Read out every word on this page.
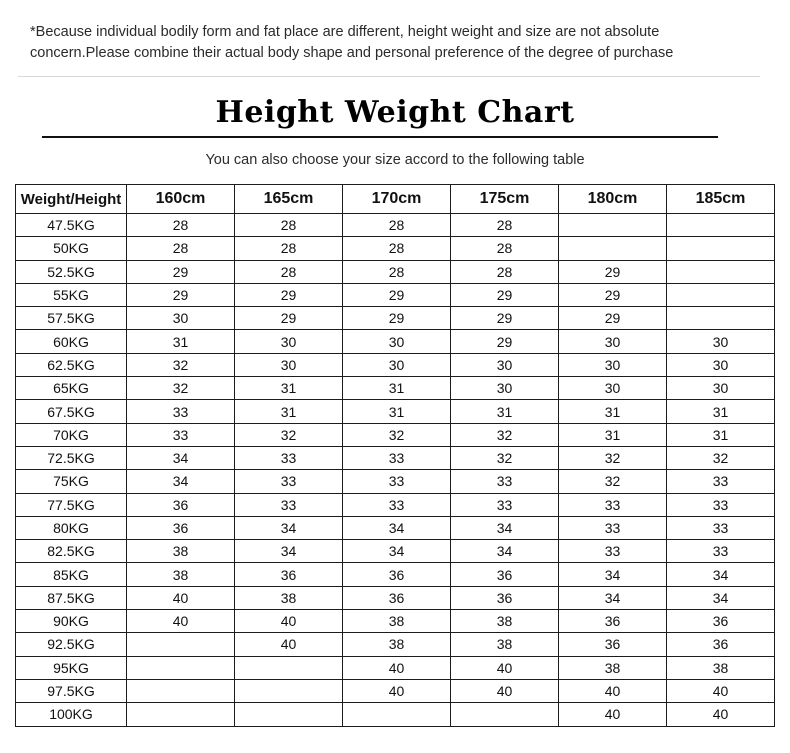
*Because individual bodily form and fat place are different, height weight and size are not absolute concern.Please combine their actual body shape and personal preference of the degree of purchase
Height Weight Chart
You can also choose your size accord to the following table
Weight/Height	160cm	165cm	170cm	175cm	180cm	185cm
47.5KG	28	28	28	28		
50KG	28	28	28	28		
52.5KG	29	28	28	28	29	
55KG	29	29	29	29	29	
57.5KG	30	29	29	29	29	
60KG	31	30	30	29	30	30
62.5KG	32	30	30	30	30	30
65KG	32	31	31	30	30	30
67.5KG	33	31	31	31	31	31
70KG	33	32	32	32	31	31
72.5KG	34	33	33	32	32	32
75KG	34	33	33	33	32	33
77.5KG	36	33	33	33	33	33
80KG	36	34	34	34	33	33
82.5KG	38	34	34	34	33	33
85KG	38	36	36	36	34	34
87.5KG	40	38	36	36	34	34
90KG	40	40	38	38	36	36
92.5KG		40	38	38	36	36
95KG			40	40	38	38
97.5KG			40	40	40	40
100KG					40	40
